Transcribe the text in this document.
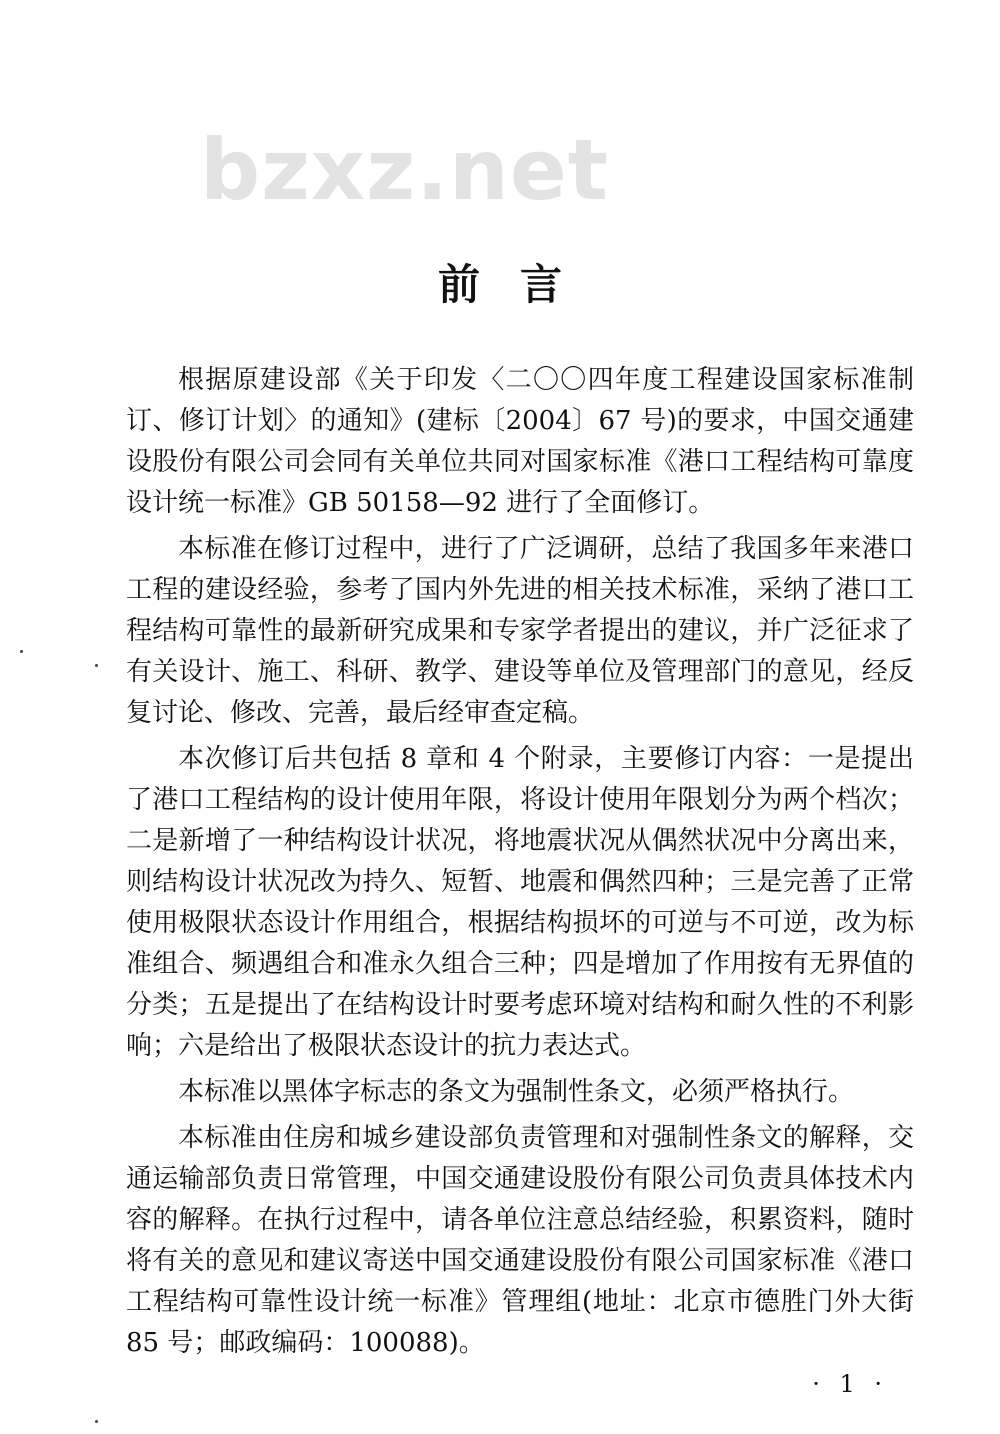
bzxz.net
前言

根据原建设部《关于印发〈二〇〇四年度工程建设国家标准制订、修订计划〉的通知》(建标〔2004〕67 号)的要求，中国交通建设股份有限公司会同有关单位共同对国家标准《港口工程结构可靠度设计统一标准》GB 50158—92 进行了全面修订。

本标准在修订过程中，进行了广泛调研，总结了我国多年来港口工程的建设经验，参考了国内外先进的相关技术标准，采纳了港口工程结构可靠性的最新研究成果和专家学者提出的建议，并广泛征求了有关设计、施工、科研、教学、建设等单位及管理部门的意见，经反复讨论、修改、完善，最后经审查定稿。

本次修订后共包括 8 章和 4 个附录，主要修订内容：一是提出了港口工程结构的设计使用年限，将设计使用年限划分为两个档次；二是新增了一种结构设计状况，将地震状况从偶然状况中分离出来，则结构设计状况改为持久、短暂、地震和偶然四种；三是完善了正常使用极限状态设计作用组合，根据结构损坏的可逆与不可逆，改为标准组合、频遇组合和准永久组合三种；四是增加了作用按有无界值的分类；五是提出了在结构设计时要考虑环境对结构和耐久性的不利影响；六是给出了极限状态设计的抗力表达式。

本标准以黑体字标志的条文为强制性条文，必须严格执行。

本标准由住房和城乡建设部负责管理和对强制性条文的解释，交通运输部负责日常管理，中国交通建设股份有限公司负责具体技术内容的解释。在执行过程中，请各单位注意总结经验，积累资料，随时将有关的意见和建议寄送中国交通建设股份有限公司国家标准《港口工程结构可靠性设计统一标准》管理组(地址：北京市德胜门外大街 85 号；邮政编码：100088)。

· 1 ·
